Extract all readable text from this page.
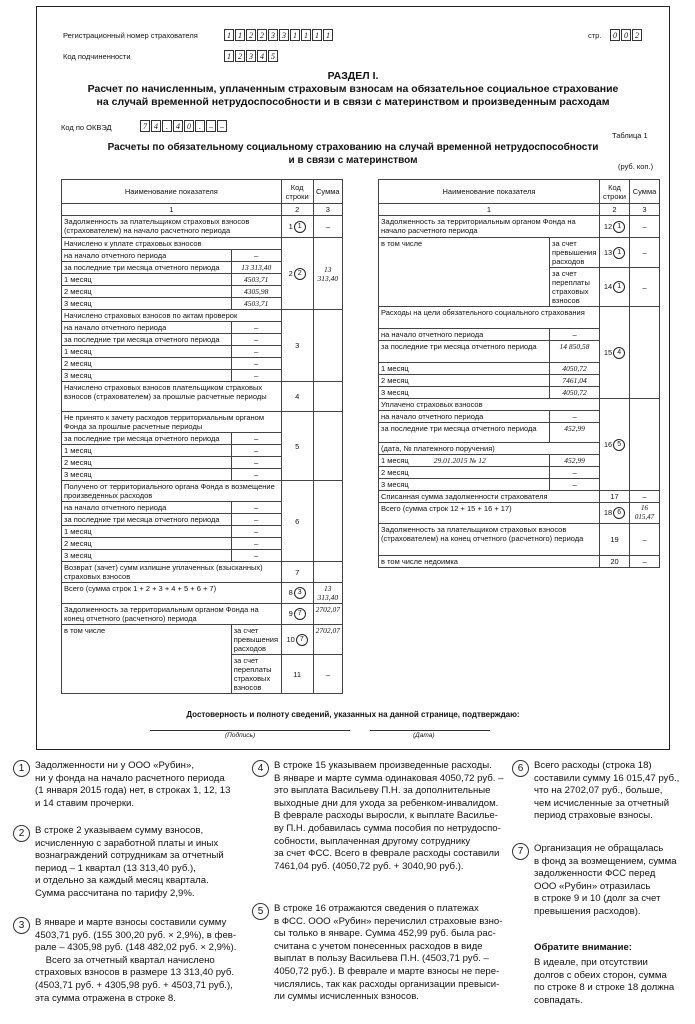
Регистрационный номер страхователя	1 1 2 2 3 3 1 1 1 1	стр.	0 0 2
Код подчиненности	1 2 3 4 5
РАЗДЕЛ I.
Расчет по начисленным, уплаченным страховым взносам на обязательное социальное страхование
на случай временной нетрудоспособности и в связи с материнством и произведенным расходам
Код по ОКВЭД	7 4	.	4 0	.	– –
Таблица 1
Расчеты по обязательному социальному страхованию на случай временной нетрудоспособности
и в связи с материнством
(руб. коп.)
Наименование показателя		Код строки	Сумма
1		2	3
Задолженность за плательщиком страховых взносов (страхователем) на начало расчетного периода		1 1	–
Начислено к уплате страховых взносов		2 2	13 313,40
на начало отчетного периода	–		
за последние три месяца отчетного периода	13 313,40		
1 месяц	4503,71		
2 месяц	4305,98		
3 месяц	4503,71		
Начислено страховых взносов по актам проверок		3	
на начало отчетного периода	–		
за последние три месяца отчетного периода	–		
1 месяц	–		
2 месяц	–		
3 месяц	–		
Начислено страховых взносов плательщиком страховых взносов (страхователем) за прошлые расчетные периоды		4	
Не принято к зачету расходов территориальным органом Фонда за прошлые расчетные периоды		5	
за последние три месяца отчетного периода	–		
1 месяц	–		
2 месяц	–		
3 месяц	–		
Получено от территориального органа Фонда в возмещение произведенных расходов		6	
на начало отчетного периода	–		
за последние три месяца отчетного периода	–		
1 месяц	–		
2 месяц	–		
3 месяц	–		
Возврат (зачет) сумм излишне уплаченных (взысканных) страховых взносов		7	
Всего (сумма строк 1 + 2 + 3 + 4 + 5 + 6 + 7)		8 3	13 313,40
Задолженность за территориальным органом Фонда на конец отчетного (расчетного) периода		9 7	2702,07
в том числе	за счет превышения расходов	10 7	2702,07
	за счет переплаты страховых взносов	11	–
Наименование показателя		Код строки	Сумма
1		2	3
Задолженность за территориальным органом Фонда на начало расчетного периода		12 1	–
в том числе	за счет превышения расходов	13 1	–
	за счет переплаты страховых взносов	14 1	–
Расходы на цели обязательного социального страхования		15 4	
на начало отчетного периода	–		
за последние три месяца отчетного периода	14 850,58		
1 месяц	4050,72		
2 месяц	7461,04		
3 месяц	4050,72		
Уплачено страховых взносов		16 5	
на начало отчетного периода	–		
за последние три месяца отчетного периода	452,99		
(дата, № платежного поручения)			
1 месяц 29.01.2015 № 12	452,99		
2 месяц	–		
3 месяц	–		
Списанная сумма задолженности страхователя		17	–
Всего (сумма строк 12 + 15 + 16 + 17)		18 6	16 015,47
Задолженность за плательщиком страховых взносов (страхователем) на конец отчетного (расчетного) периода		19	–
в том числе недоимка		20	–
Достоверность и полноту сведений, указанных на данной странице, подтверждаю:
(Подпись)	(Дата)
1	Задолженности ни у ООО «Рубин»,
ни у фонда на начало расчетного периода
(1 января 2015 года) нет, в строках 1, 12, 13
и 14 ставим прочерки.
2	В строке 2 указываем сумму взносов,
исчисленную с заработной платы и иных
вознаграждений сотрудникам за отчетный
период – 1 квартал (13 313,40 руб.),
и отдельно за каждый месяц квартала.
Сумма рассчитана по тарифу 2,9%.
3	В январе и марте взносы составили сумму
4503,71 руб. (155 300,20 руб. × 2,9%), в фев-
рале – 4305,98 руб. (148 482,02 руб. × 2,9%).
Всего за отчетный квартал начислено
страховых взносов в размере 13 313,40 руб.
(4503,71 руб. + 4305,98 руб. + 4503,71 руб.),
эта сумма отражена в строке 8.
4	В строке 15 указываем произведенные расходы.
В январе и марте сумма одинаковая 4050,72 руб. –
это выплата Васильеву П.Н. за дополнительные
выходные дни для ухода за ребенком-инвалидом.
В феврале расходы выросли, к выплате Василье-
ву П.Н. добавилась сумма пособия по нетрудоспо-
собности, выплаченная другому сотруднику
за счет ФСС. Всего в феврале расходы составили
7461,04 руб. (4050,72 руб. + 3040,90 руб.).
5	В строке 16 отражаются сведения о платежах
в ФСС. ООО «Рубин» перечислил страховые взно-
сы только в январе. Сумма 452,99 руб. была рас-
считана с учетом понесенных расходов в виде
выплат в пользу Васильева П.Н. (4503,71 руб. –
4050,72 руб.). В феврале и марте взносы не пере-
числялись, так как расходы организации превыси-
ли суммы исчисленных взносов.
6	Всего расходы (строка 18)
составили сумму 16 015,47 руб.,
что на 2702,07 руб., больше,
чем исчисленные за отчетный
период страховые взносы.
7	Организация не обращалась
в фонд за возмещением, сумма
задолженности ФСС перед
ООО «Рубин» отразилась
в строке 9 и 10 (долг за счет
превышения расходов).
Обратите внимание:
В идеале, при отсутствии
долгов с обеих сторон, сумма
по строке 8 и строке 18 должна
совпадать.
